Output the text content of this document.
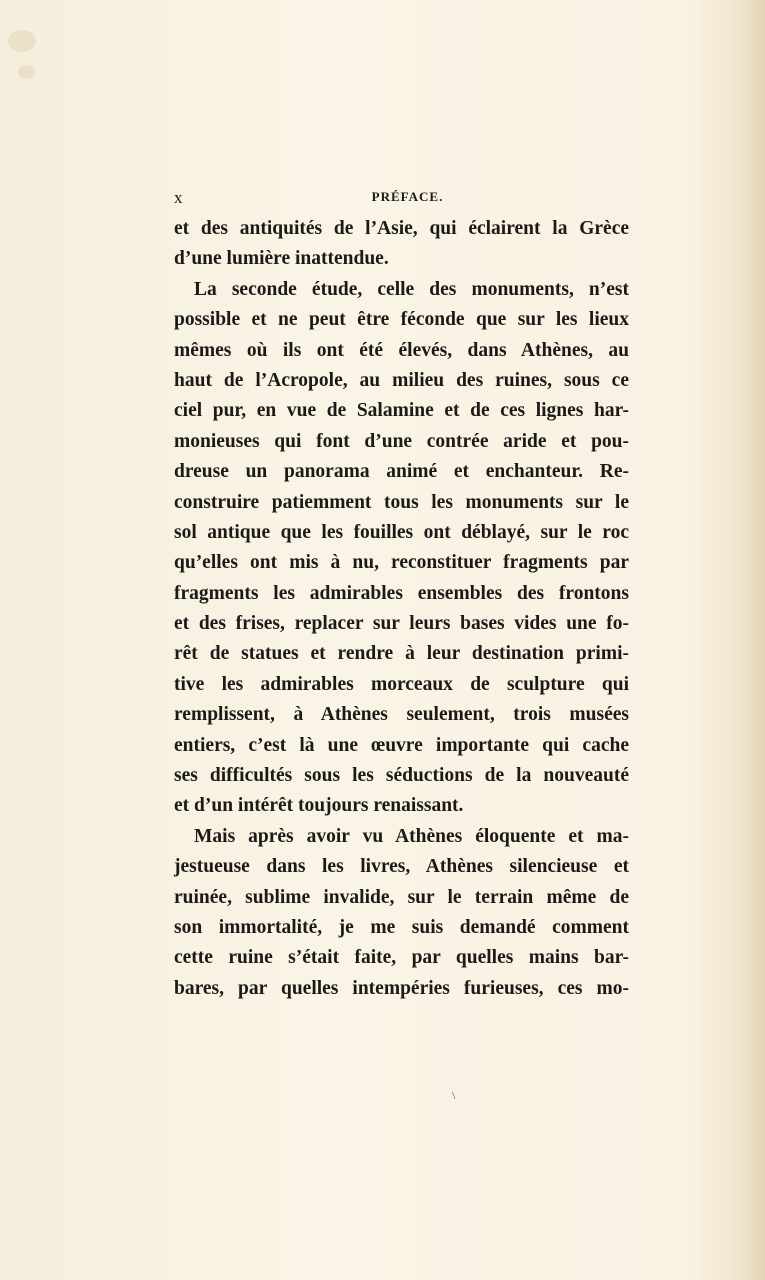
x	PRÉFACE.
et des antiquités de l’Asie, qui éclairent la Grèce
d’une lumière inattendue.
La seconde étude, celle des monuments, n’est
possible et ne peut être féconde que sur les lieux
mêmes où ils ont été élevés, dans Athènes, au
haut de l’Acropole, au milieu des ruines, sous ce
ciel pur, en vue de Salamine et de ces lignes har-
monieuses qui font d’une contrée aride et pou-
dreuse un panorama animé et enchanteur. Re-
construire patiemment tous les monuments sur le
sol antique que les fouilles ont déblayé, sur le roc
qu’elles ont mis à nu, reconstituer fragments par
fragments les admirables ensembles des frontons
et des frises, replacer sur leurs bases vides une fo-
rêt de statues et rendre à leur destination primi-
tive les admirables morceaux de sculpture qui
remplissent, à Athènes seulement, trois musées
entiers, c’est là une œuvre importante qui cache
ses difficultés sous les séductions de la nouveauté
et d’un intérêt toujours renaissant.
Mais après avoir vu Athènes éloquente et ma-
jestueuse dans les livres, Athènes silencieuse et
ruinée, sublime invalide, sur le terrain même de
son immortalité, je me suis demandé comment
cette ruine s’était faite, par quelles mains bar-
bares, par quelles intempéries furieuses, ces mo-
\
